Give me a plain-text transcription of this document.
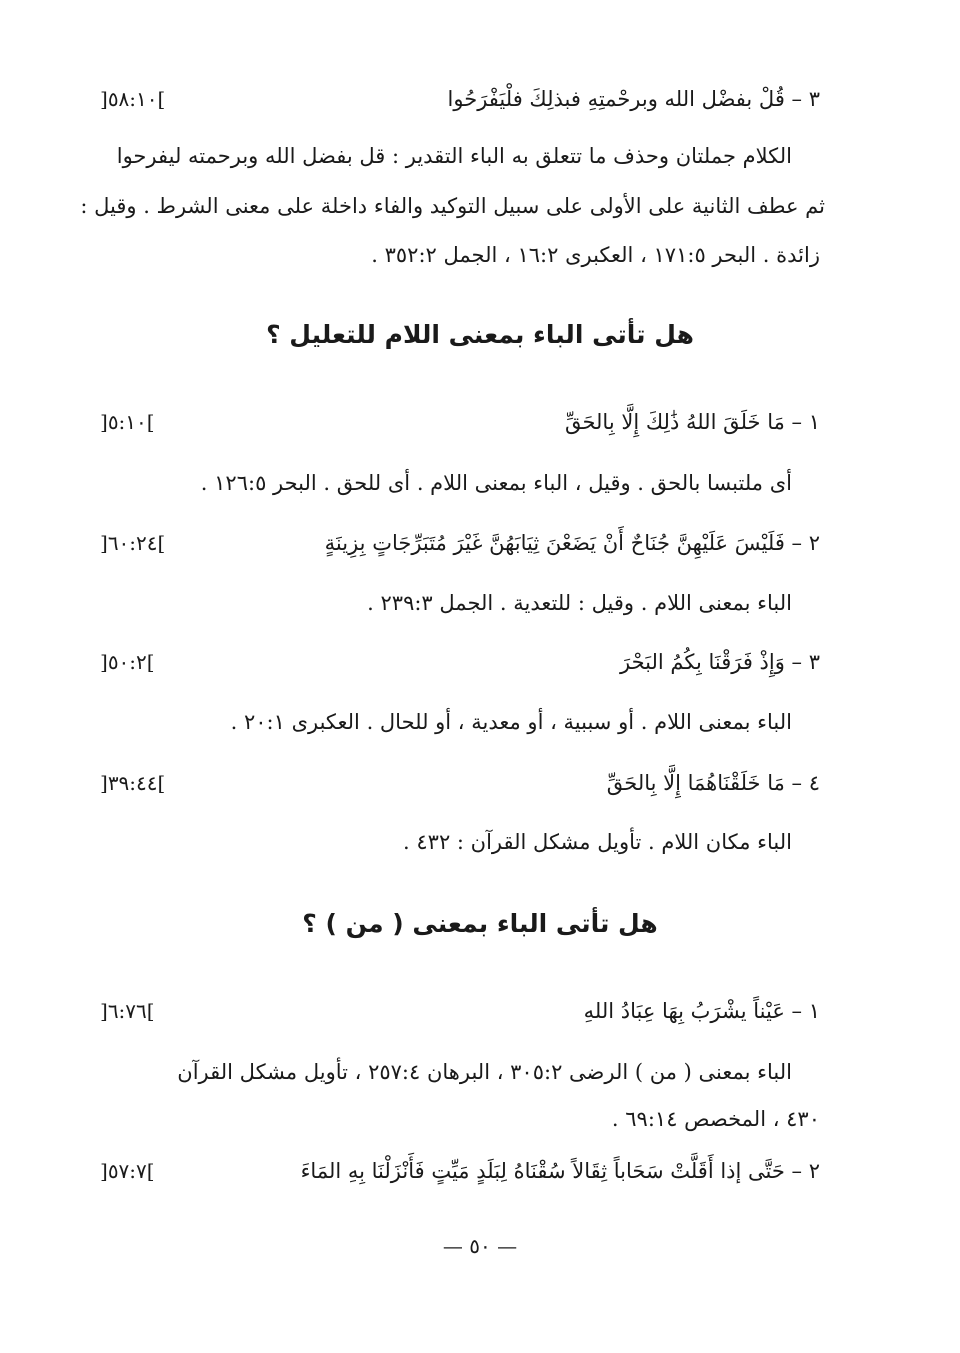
٣ – قُلْ بفضْل الله وبرحْمتِهِ فبذلِكَ فلْيَفْرَحُوا
]٥٨:١٠[
الكلام جملتان وحذف ما تتعلق به الباء التقدير : قل بفضل الله وبرحمته ليفرحوا
ثم عطف الثانية على الأولى على سبيل التوكيد والفاء داخلة على معنى الشرط . وقيل :
زائدة . البحر ١٧١:٥ ، العكبرى ١٦:٢ ، الجمل ٣٥٢:٢ .
هل تأتى الباء بمعنى اللام للتعليل ؟
١ – مَا خَلَقَ اللهُ ذَٰلِكَ إِلَّا بِالحَقِّ
]٥:١٠[
أى ملتبسا بالحق . وقيل ، الباء بمعنى اللام . أى للحق . البحر ١٢٦:٥ .
٢ – فَلَيْسَ عَلَيْهِنَّ جُنَاحٌ أَنْ يَضَعْنَ ثِيَابَهُنَّ غَيْرَ مُتَبَرِّجَاتٍ بِزِينَةٍ
]٦٠:٢٤[
الباء بمعنى اللام . وقيل : للتعدية . الجمل ٢٣٩:٣ .
٣ – وَإِذْ فَرَقْنَا بِكُمُ البَحْرَ
]٥٠:٢[
الباء بمعنى اللام . أو سببية ، أو معدية ، أو للحال . العكبرى ٢٠:١ .
٤ – مَا خَلَقْنَاهُمَا إِلَّا بِالحَقِّ
]٣٩:٤٤[
الباء مكان اللام . تأويل مشكل القرآن : ٤٣٢ .
هل تأتى الباء بمعنى ( من ) ؟
١ – عَيْناً يشْرَبُ بِهَا عِبَادُ اللهِ
]٦:٧٦[
الباء بمعنى ( من ) الرضى ٣٠٥:٢ ، البرهان ٢٥٧:٤ ، تأويل مشكل القرآن
٤٣٠ ، المخصص ٦٩:١٤ .
٢ – حَتَّى إذا أَقَلَّتْ سَحَاباً ثِقَالاً سُقْنَاهُ لِبَلَدٍ مَيِّتٍ فَأَنْزَلْنَا بِهِ المَاءَ
]٥٧:٧[
— ٥٠ —
